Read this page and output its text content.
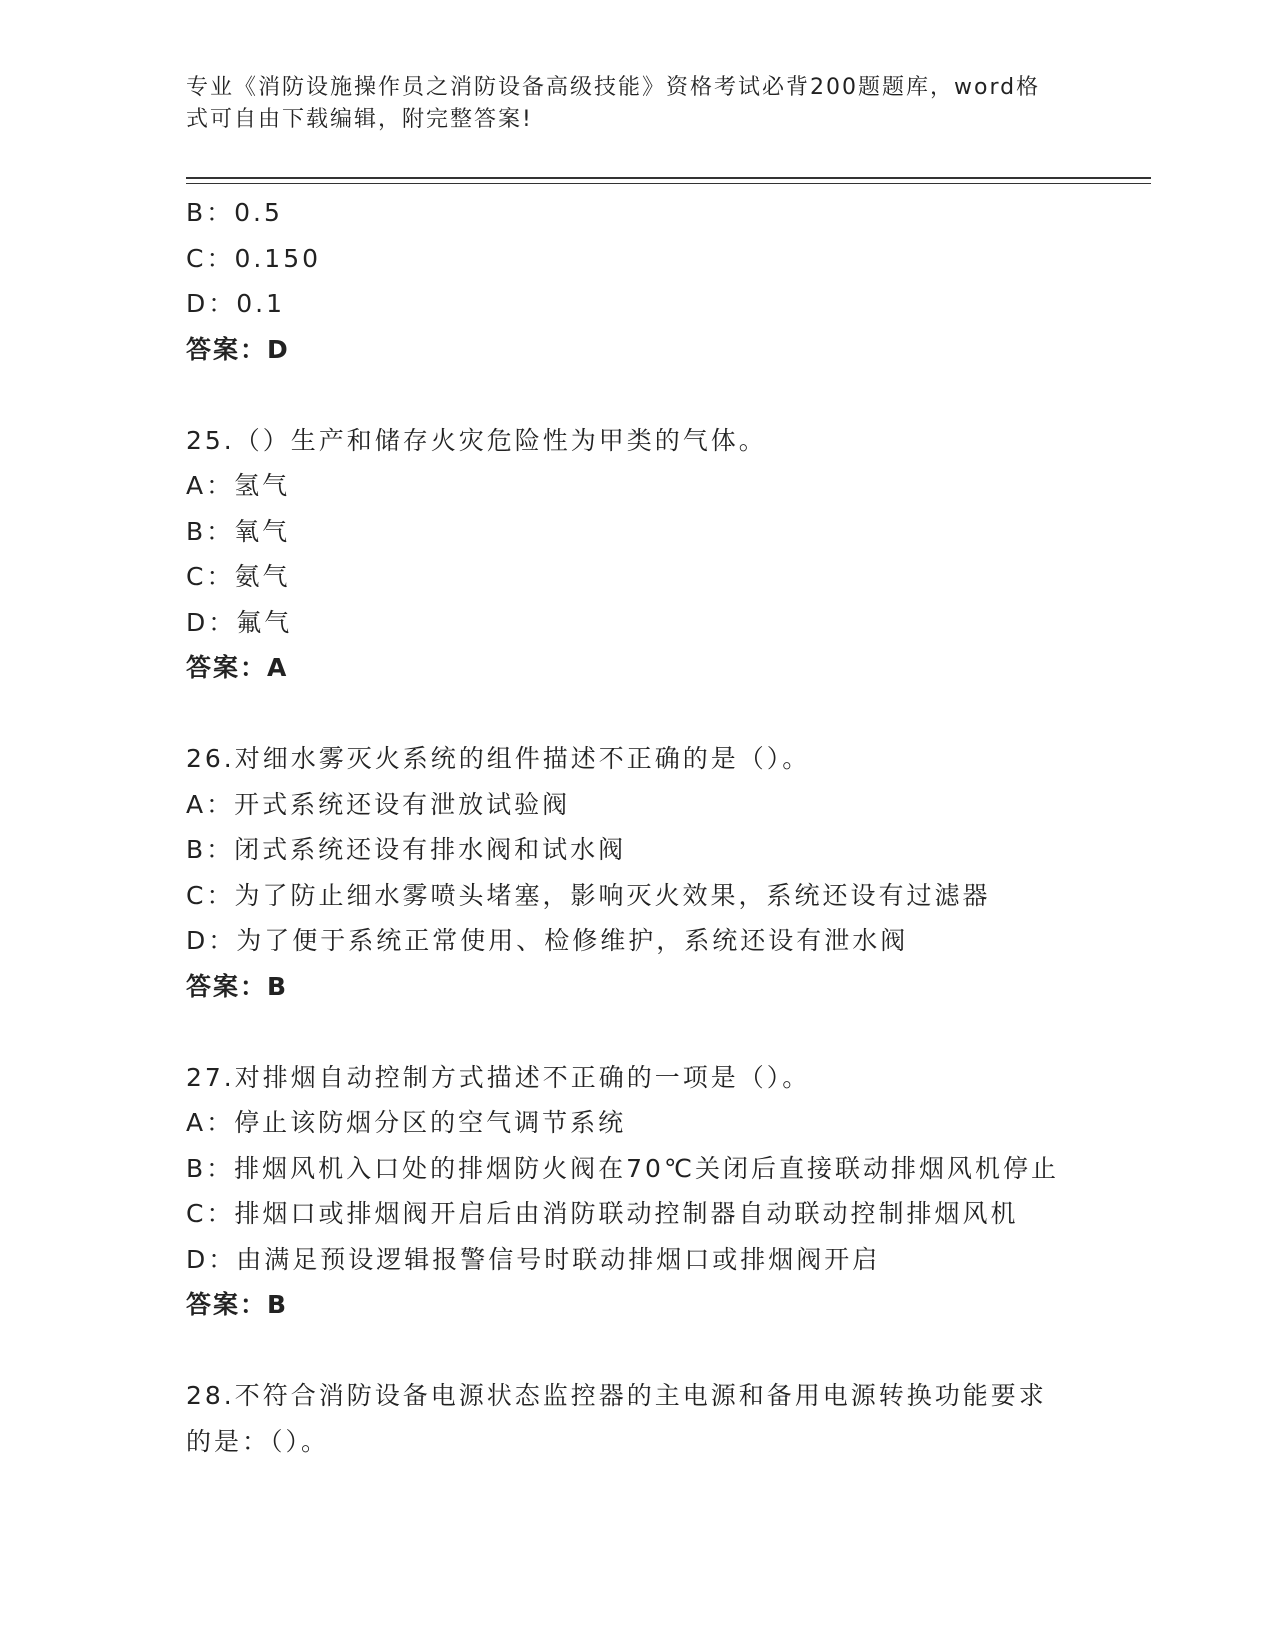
专业《消防设施操作员之消防设备高级技能》资格考试必背200题题库，word格
式可自由下载编辑，附完整答案!
B：0.5
C：0.150
D：0.1
答案：D
25.（）生产和储存火灾危险性为甲类的气体。
A：氢气
B：氧气
C：氨气
D：氟气
答案：A
26.对细水雾灭火系统的组件描述不正确的是（）。
A：开式系统还设有泄放试验阀
B：闭式系统还设有排水阀和试水阀
C：为了防止细水雾喷头堵塞，影响灭火效果，系统还设有过滤器
D：为了便于系统正常使用、检修维护，系统还设有泄水阀
答案：B
27.对排烟自动控制方式描述不正确的一项是（）。
A：停止该防烟分区的空气调节系统
B：排烟风机入口处的排烟防火阀在70℃关闭后直接联动排烟风机停止
C：排烟口或排烟阀开启后由消防联动控制器自动联动控制排烟风机
D：由满足预设逻辑报警信号时联动排烟口或排烟阀开启
答案：B
28.不符合消防设备电源状态监控器的主电源和备用电源转换功能要求
的是：（）。
